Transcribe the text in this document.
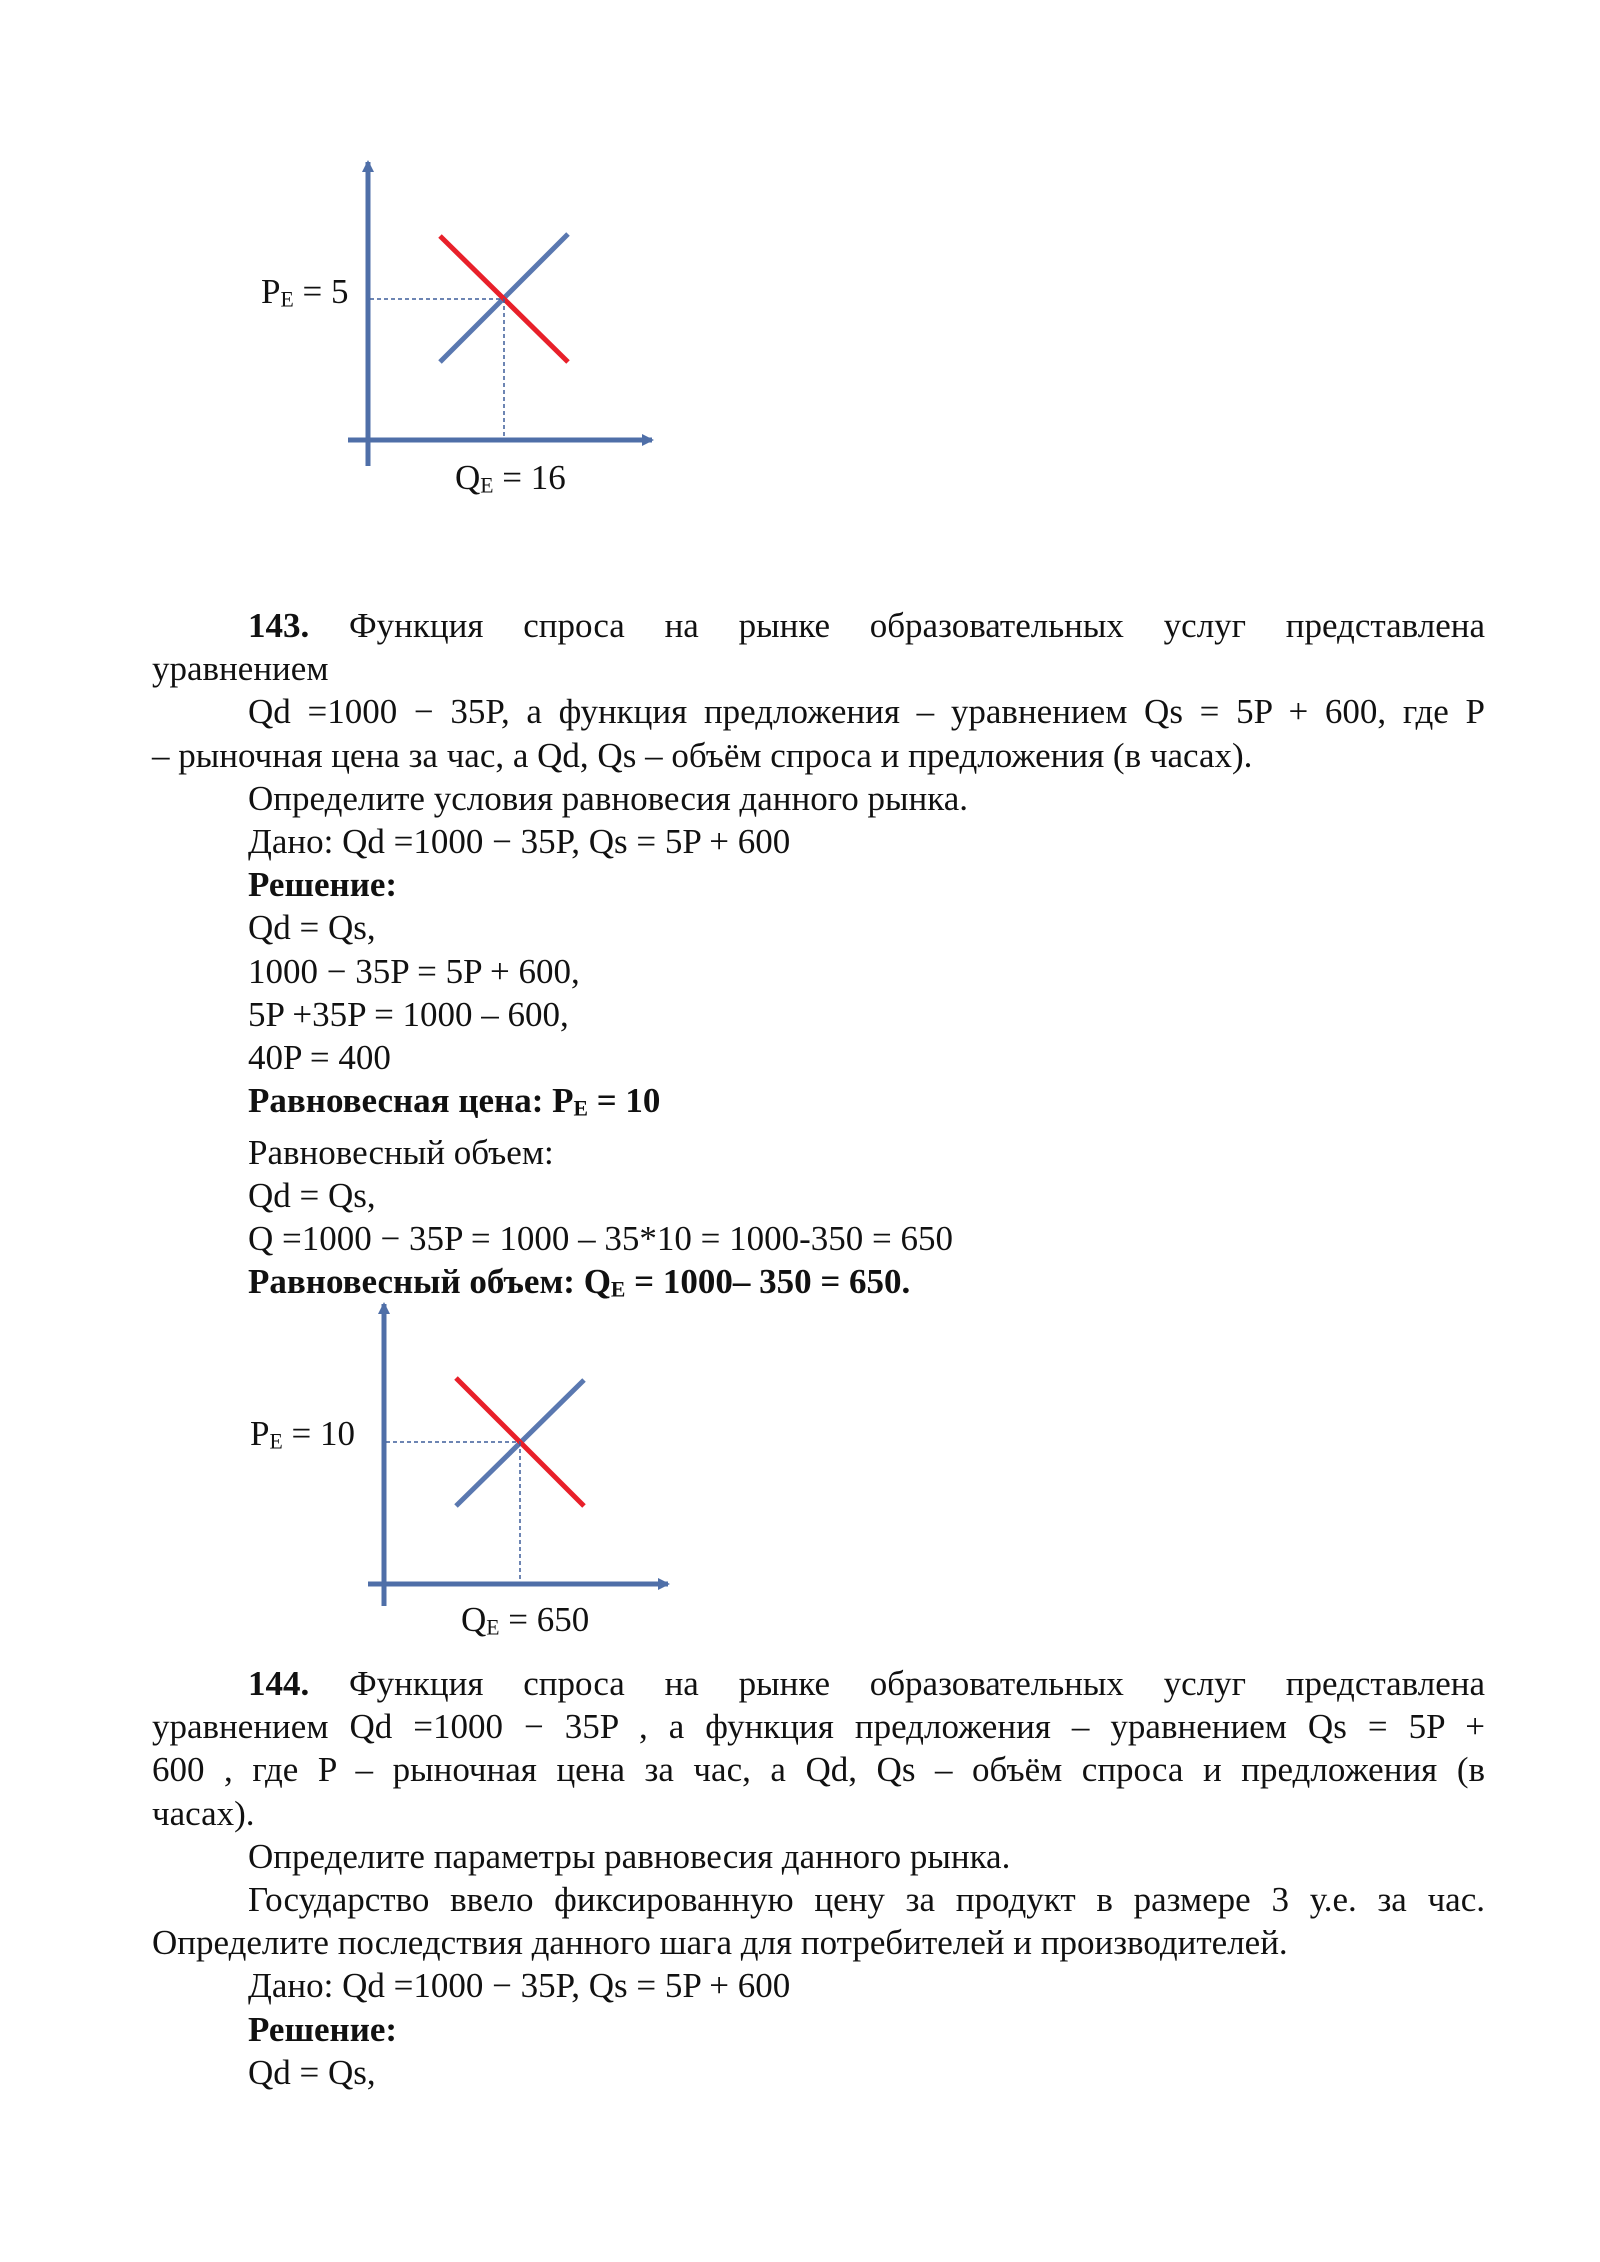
$P_E = 5$
$Q_E = 16$
143. Функция спроса на рынке образовательных услуг представлена
уравнением
Qd =1000 − 35P, а функция предложения – уравнением Qs = 5P + 600, где P
– рыночная цена за час, а Qd, Qs – объём спроса и предложения (в часах).
Определите условия равновесия данного рынка.
Дано: Qd =1000 − 35P, Qs = 5P + 600
Решение:
Qd = Qs,
1000 − 35P = 5P + 600,
5P +35P = 1000 – 600,
40P = 400
Равновесная цена: $P_E = 10$
Равновесный объем:
Qd = Qs,
Q =1000 − 35P = 1000 – 35*10 = 1000-350 = 650
Равновесный объем: $Q_E = 1000-$ 350 = 650.
$P_E = 10$
$Q_E = 650$
144. Функция спроса на рынке образовательных услуг представлена
уравнением Qd =1000 − 35P , а функция предложения – уравнением Qs = 5P +
600 , где P – рыночная цена за час, а Qd, Qs – объём спроса и предложения (в
часах).
Определите параметры равновесия данного рынка.
Государство ввело фиксированную цену за продукт в размере 3 у.е. за час.
Определите последствия данного шага для потребителей и производителей.
Дано: Qd =1000 − 35P, Qs = 5P + 600
Решение:
Qd = Qs,
